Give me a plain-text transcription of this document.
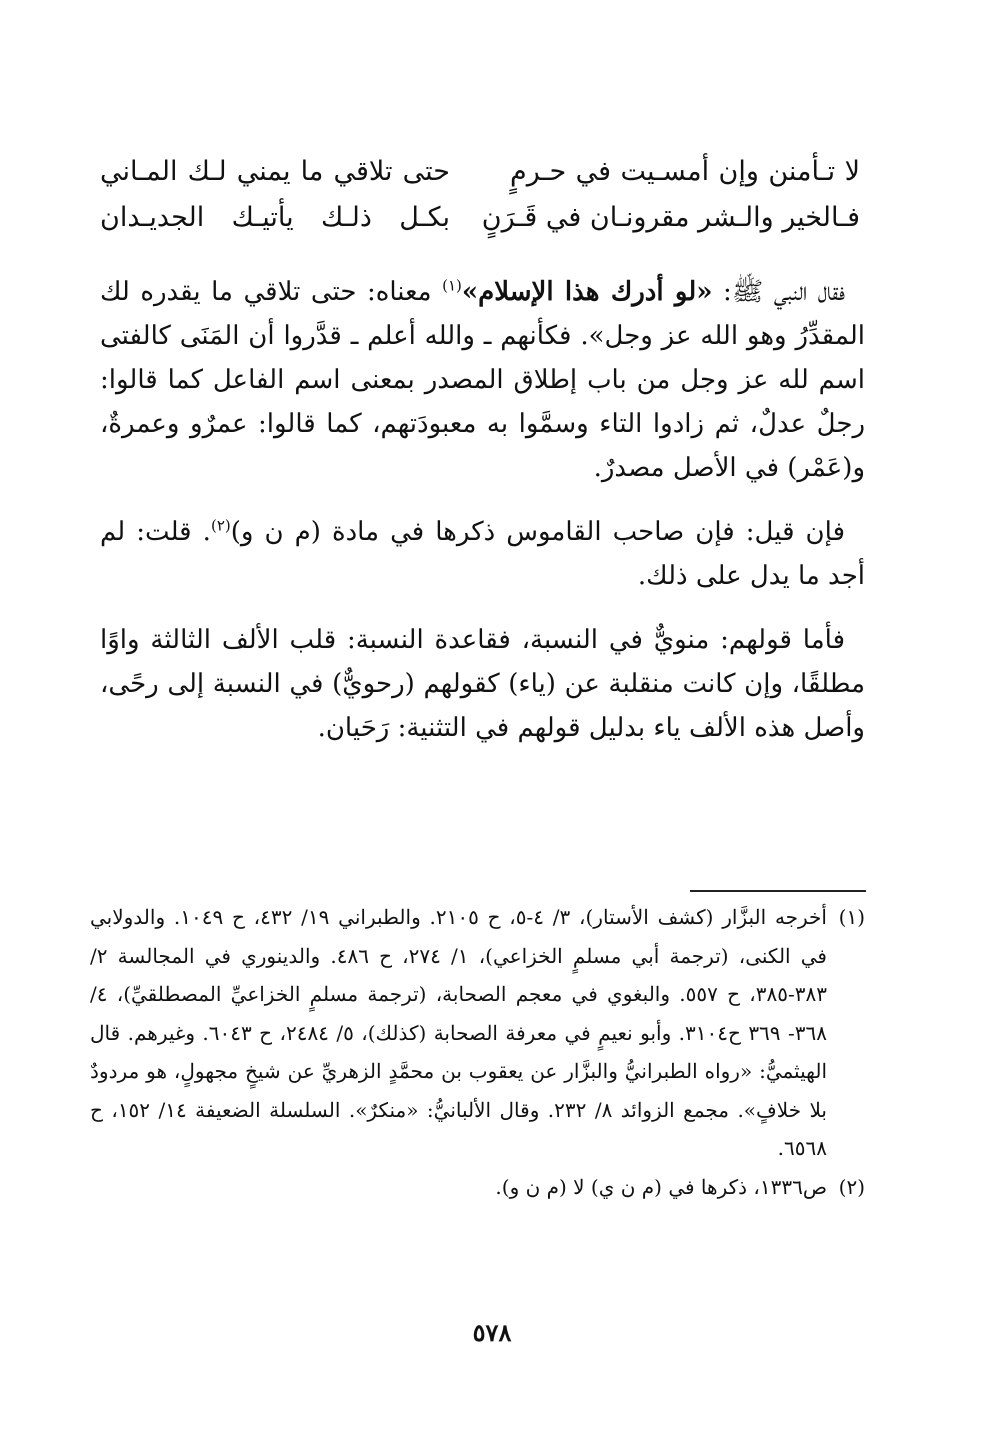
لا تـأمنن وإن أمسـيت في حـرمٍ
حتى تلاقي ما يمني لـك المـاني
فـالخير والـشر مقرونـان في قَـرَنٍ
بكـل ذلـك يأتيـك الجديـدان

فقال النبي ﷺ: «لو أدرك هذا الإسلام»$^{(١)}$ معناه: حتى تلاقي ما يقدره لك المقدِّرُ وهو الله عز وجل». فكأنهم ـ والله أعلم ـ قدَّروا أن المَنَى كالفتى اسم لله عز وجل من باب إطلاق المصدر بمعنى اسم الفاعل كما قالوا: رجلٌ عدلٌ، ثم زادوا التاء وسمَّوا به معبودَتهم، كما قالوا: عمرٌو وعمرةٌ، و(عَمْر) في الأصل مصدرٌ.

فإن قيل: فإن صاحب القاموس ذكرها في مادة (م ن و)$^{(٢)}$. قلت: لم أجد ما يدل على ذلك.

فأما قولهم: منويٌّ في النسبة، فقاعدة النسبة: قلب الألف الثالثة واوًا مطلقًا، وإن كانت منقلبة عن (ياء) كقولهم (رحويٌّ) في النسبة إلى رحًى، وأصل هذه الألف ياء بدليل قولهم في التثنية: رَحَيان.

(١)
أخرجه البزَّار (كشف الأستار)، ٣/ ٤-٥، ح ٢١٠٥. والطبراني ١٩/ ٤٣٢، ح ١٠٤٩. والدولابي في الكنى، (ترجمة أبي مسلمٍ الخزاعي)، ١/ ٢٧٤، ح ٤٨٦. والدينوري في المجالسة ٢/ ٣٨٣-٣٨٥، ح ٥٥٧. والبغوي في معجم الصحابة، (ترجمة مسلمٍ الخزاعيِّ المصطلقيِّ)، ٤/ ٣٦٨- ٣٦٩ ح٣١٠٤. وأبو نعيمٍ في معرفة الصحابة (كذلك)، ٥/ ٢٤٨٤، ح ٦٠٤٣. وغيرهم. قال الهيثميُّ: «رواه الطبرانيُّ والبزَّار عن يعقوب بن محمَّدٍ الزهريِّ عن شيخٍ مجهولٍ، هو مردودٌ بلا خلافٍ». مجمع الزوائد ٨/ ٢٣٢. وقال الألبانيُّ: «منكرٌ». السلسلة الضعيفة ١٤/ ١٥٢، ح ٦٥٦٨.
(٢)
ص١٣٣٦، ذكرها في (م ن ي) لا (م ن و).
٥٧٨
